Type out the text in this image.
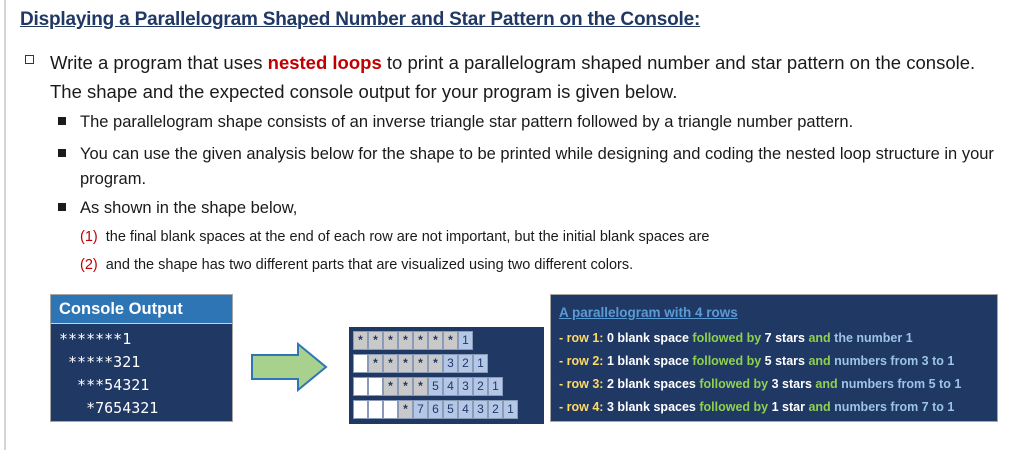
Displaying a Parallelogram Shaped Number and Star Pattern on the Console:
Write a program that uses nested loops to print a parallelogram shaped number and star pattern on the console. The shape and the expected console output for your program is given below.
The parallelogram shape consists of an inverse triangle star pattern followed by a triangle number pattern.
You can use the given analysis below for the shape to be printed while designing and coding the nested loop structure in your program.
As shown in the shape below,
(1) the final blank spaces at the end of each row are not important, but the initial blank spaces are
(2) and the shape has two different parts that are visualized using two different colors.
Console Output
*******1
*****321
***54321
*7654321
* * * * * * * 1
* * * * * 3 2 1
* * * 5 4 3 2 1
* 7 6 5 4 3 2 1
A parallelogram with 4 rows
- row 1: 0 blank space followed by 7 stars and the number 1
- row 2: 1 blank space followed by 5 stars and numbers from 3 to 1
- row 3: 2 blank spaces followed by 3 stars and numbers from 5 to 1
- row 4: 3 blank spaces followed by 1 star and numbers from 7 to 1
